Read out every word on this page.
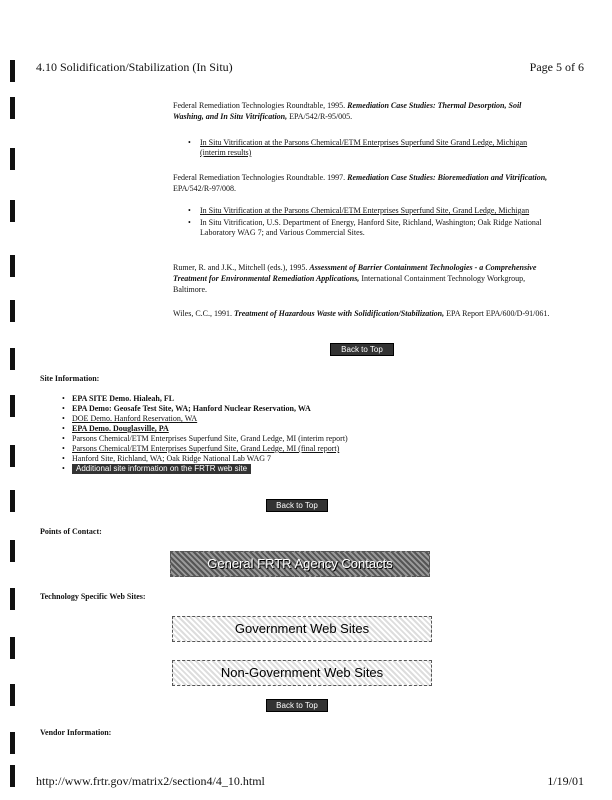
4.10 Solidification/Stabilization (In Situ)	Page 5 of 6
Federal Remediation Technologies Roundtable, 1995. Remediation Case Studies: Thermal Desorption, Soil Washing, and In Situ Vitrification, EPA/542/R-95/005.
• In Situ Vitrification at the Parsons Chemical/ETM Enterprises Superfund Site Grand Ledge, Michigan (interim results)
Federal Remediation Technologies Roundtable. 1997. Remediation Case Studies: Bioremediation and Vitrification, EPA/542/R-97/008.
• In Situ Vitrification at the Parsons Chemical/ETM Enterprises Superfund Site, Grand Ledge, Michigan
• In Situ Vitrification, U.S. Department of Energy, Hanford Site, Richland, Washington; Oak Ridge National Laboratory WAG 7; and Various Commercial Sites.
Rumer, R. and J.K., Mitchell (eds.), 1995. Assessment of Barrier Containment Technologies - a Comprehensive Treatment for Environmental Remediation Applications, International Containment Technology Workgroup, Baltimore.
Wiles, C.C., 1991. Treatment of Hazardous Waste with Solidification/Stabilization, EPA Report EPA/600/D-91/061.
Back to Top
Site Information:
• EPA SITE Demo. Hialeah, FL
• EPA Demo: Geosafe Test Site, WA; Hanford Nuclear Reservation, WA
• DOE Demo. Hanford Reservation, WA
• EPA Demo. Douglasville, PA
• Parsons Chemical/ETM Enterprises Superfund Site, Grand Ledge, MI (interim report)
• Parsons Chemical/ETM Enterprises Superfund Site, Grand Ledge, MI (final report)
• Hanford Site, Richland, WA; Oak Ridge National Lab WAG 7
• Additional site information on the FRTR web site
Back to Top
Points of Contact:
General FRTR Agency Contacts
Technology Specific Web Sites:
Government Web Sites
Non-Government Web Sites
Back to Top
Vendor Information:
http://www.frtr.gov/matrix2/section4/4_10.html	1/19/01
